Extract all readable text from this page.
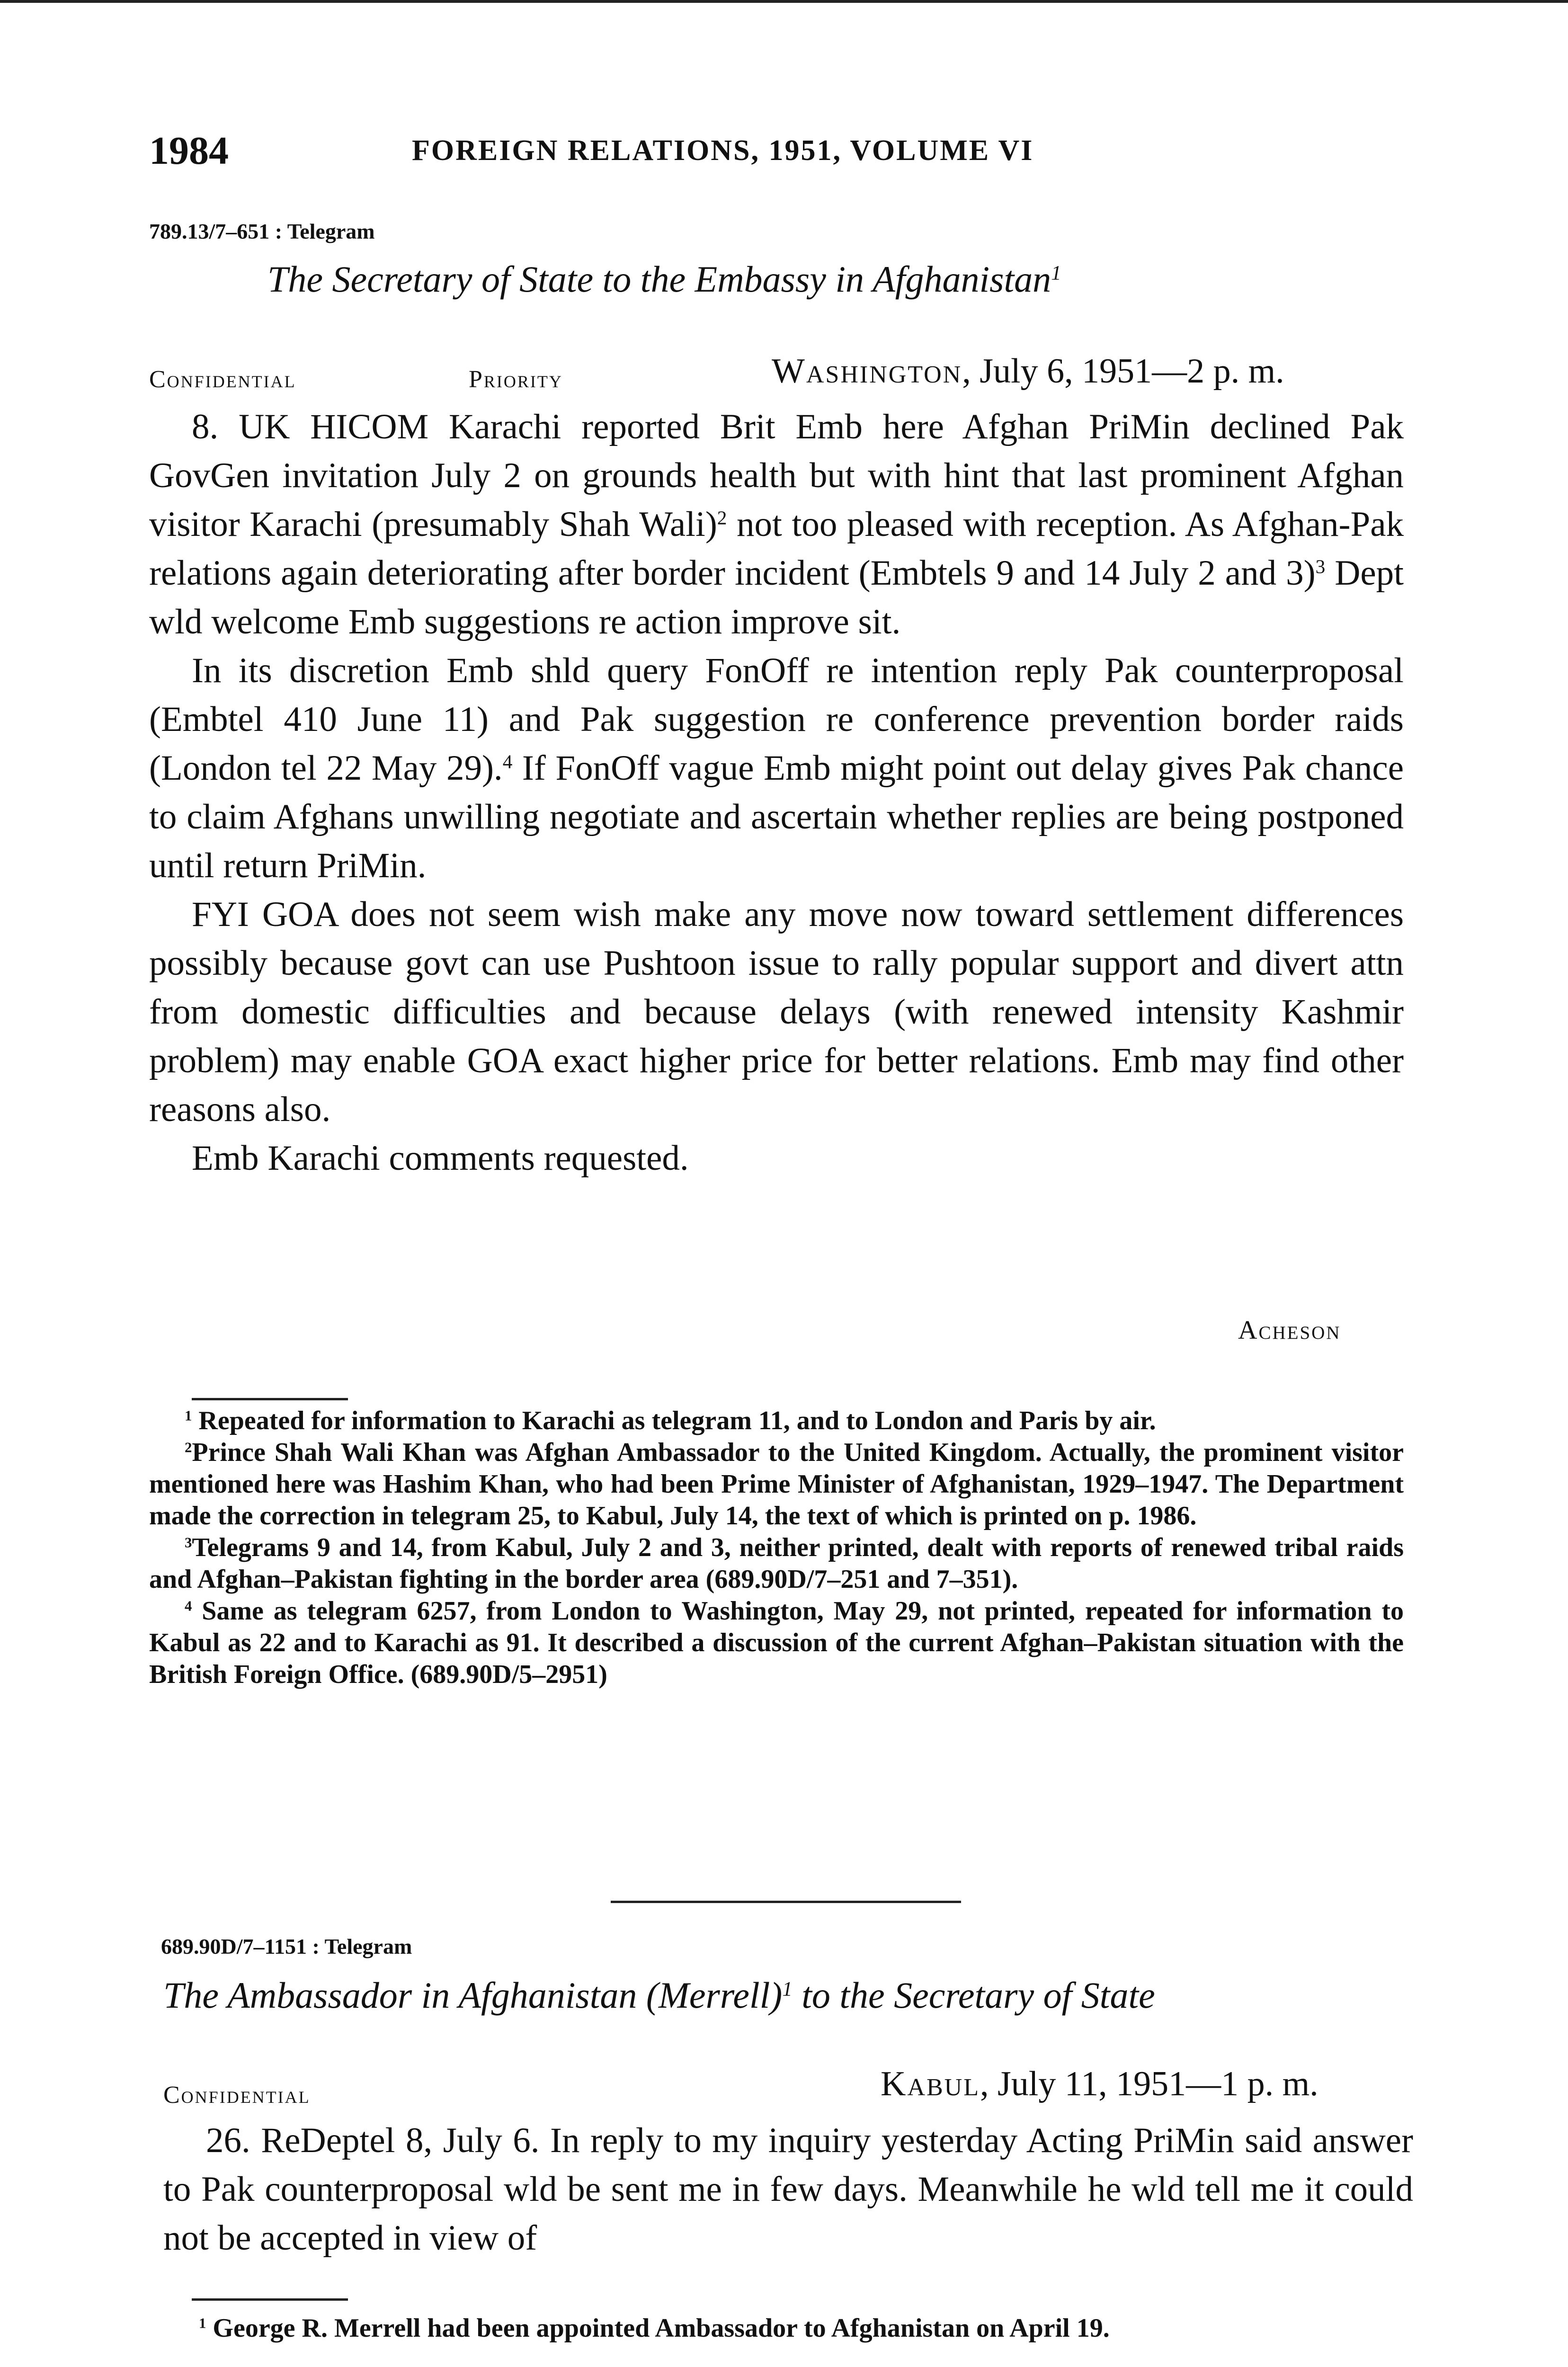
1984	FOREIGN RELATIONS, 1951, VOLUME VI
789.13/7–651 : Telegram
The Secretary of State to the Embassy in Afghanistan$^1$
Confidential	Priority	Washington, July 6, 1951—2 p. m.

8. UK HICOM Karachi reported Brit Emb here Afghan PriMin declined Pak GovGen invitation July 2 on grounds health but with hint that last prominent Afghan visitor Karachi (presumably Shah Wali)$^2$ not too pleased with reception. As Afghan-Pak relations again deteriorating after border incident (Embtels 9 and 14 July 2 and 3)$^3$ Dept wld welcome Emb suggestions re action improve sit.

In its discretion Emb shld query FonOff re intention reply Pak counterproposal (Embtel 410 June 11) and Pak suggestion re conference prevention border raids (London tel 22 May 29).$^4$ If FonOff vague Emb might point out delay gives Pak chance to claim Afghans unwilling negotiate and ascertain whether replies are being postponed until return PriMin.

FYI GOA does not seem wish make any move now toward settlement differences possibly because govt can use Pushtoon issue to rally popular support and divert attn from domestic difficulties and because delays (with renewed intensity Kashmir problem) may enable GOA exact higher price for better relations. Emb may find other reasons also.

Emb Karachi comments requested.

Acheson

$^1$ Repeated for information to Karachi as telegram 11, and to London and Paris by air.

$^2$Prince Shah Wali Khan was Afghan Ambassador to the United Kingdom. Actually, the prominent visitor mentioned here was Hashim Khan, who had been Prime Minister of Afghanistan, 1929–1947. The Department made the correction in telegram 25, to Kabul, July 14, the text of which is printed on p. 1986.

$^3$Telegrams 9 and 14, from Kabul, July 2 and 3, neither printed, dealt with reports of renewed tribal raids and Afghan–Pakistan fighting in the border area (689.90D/7–251 and 7–351).

$^4$ Same as telegram 6257, from London to Washington, May 29, not printed, repeated for information to Kabul as 22 and to Karachi as 91. It described a discussion of the current Afghan–Pakistan situation with the British Foreign Office. (689.90D/5–2951)

689.90D/7–1151 : Telegram
The Ambassador in Afghanistan (Merrell)$^1$ to the Secretary of State
Confidential	Kabul, July 11, 1951—1 p. m.

26. ReDeptel 8, July 6. In reply to my inquiry yesterday Acting PriMin said answer to Pak counterproposal wld be sent me in few days. Meanwhile he wld tell me it could not be accepted in view of

$^1$ George R. Merrell had been appointed Ambassador to Afghanistan on April 19.
